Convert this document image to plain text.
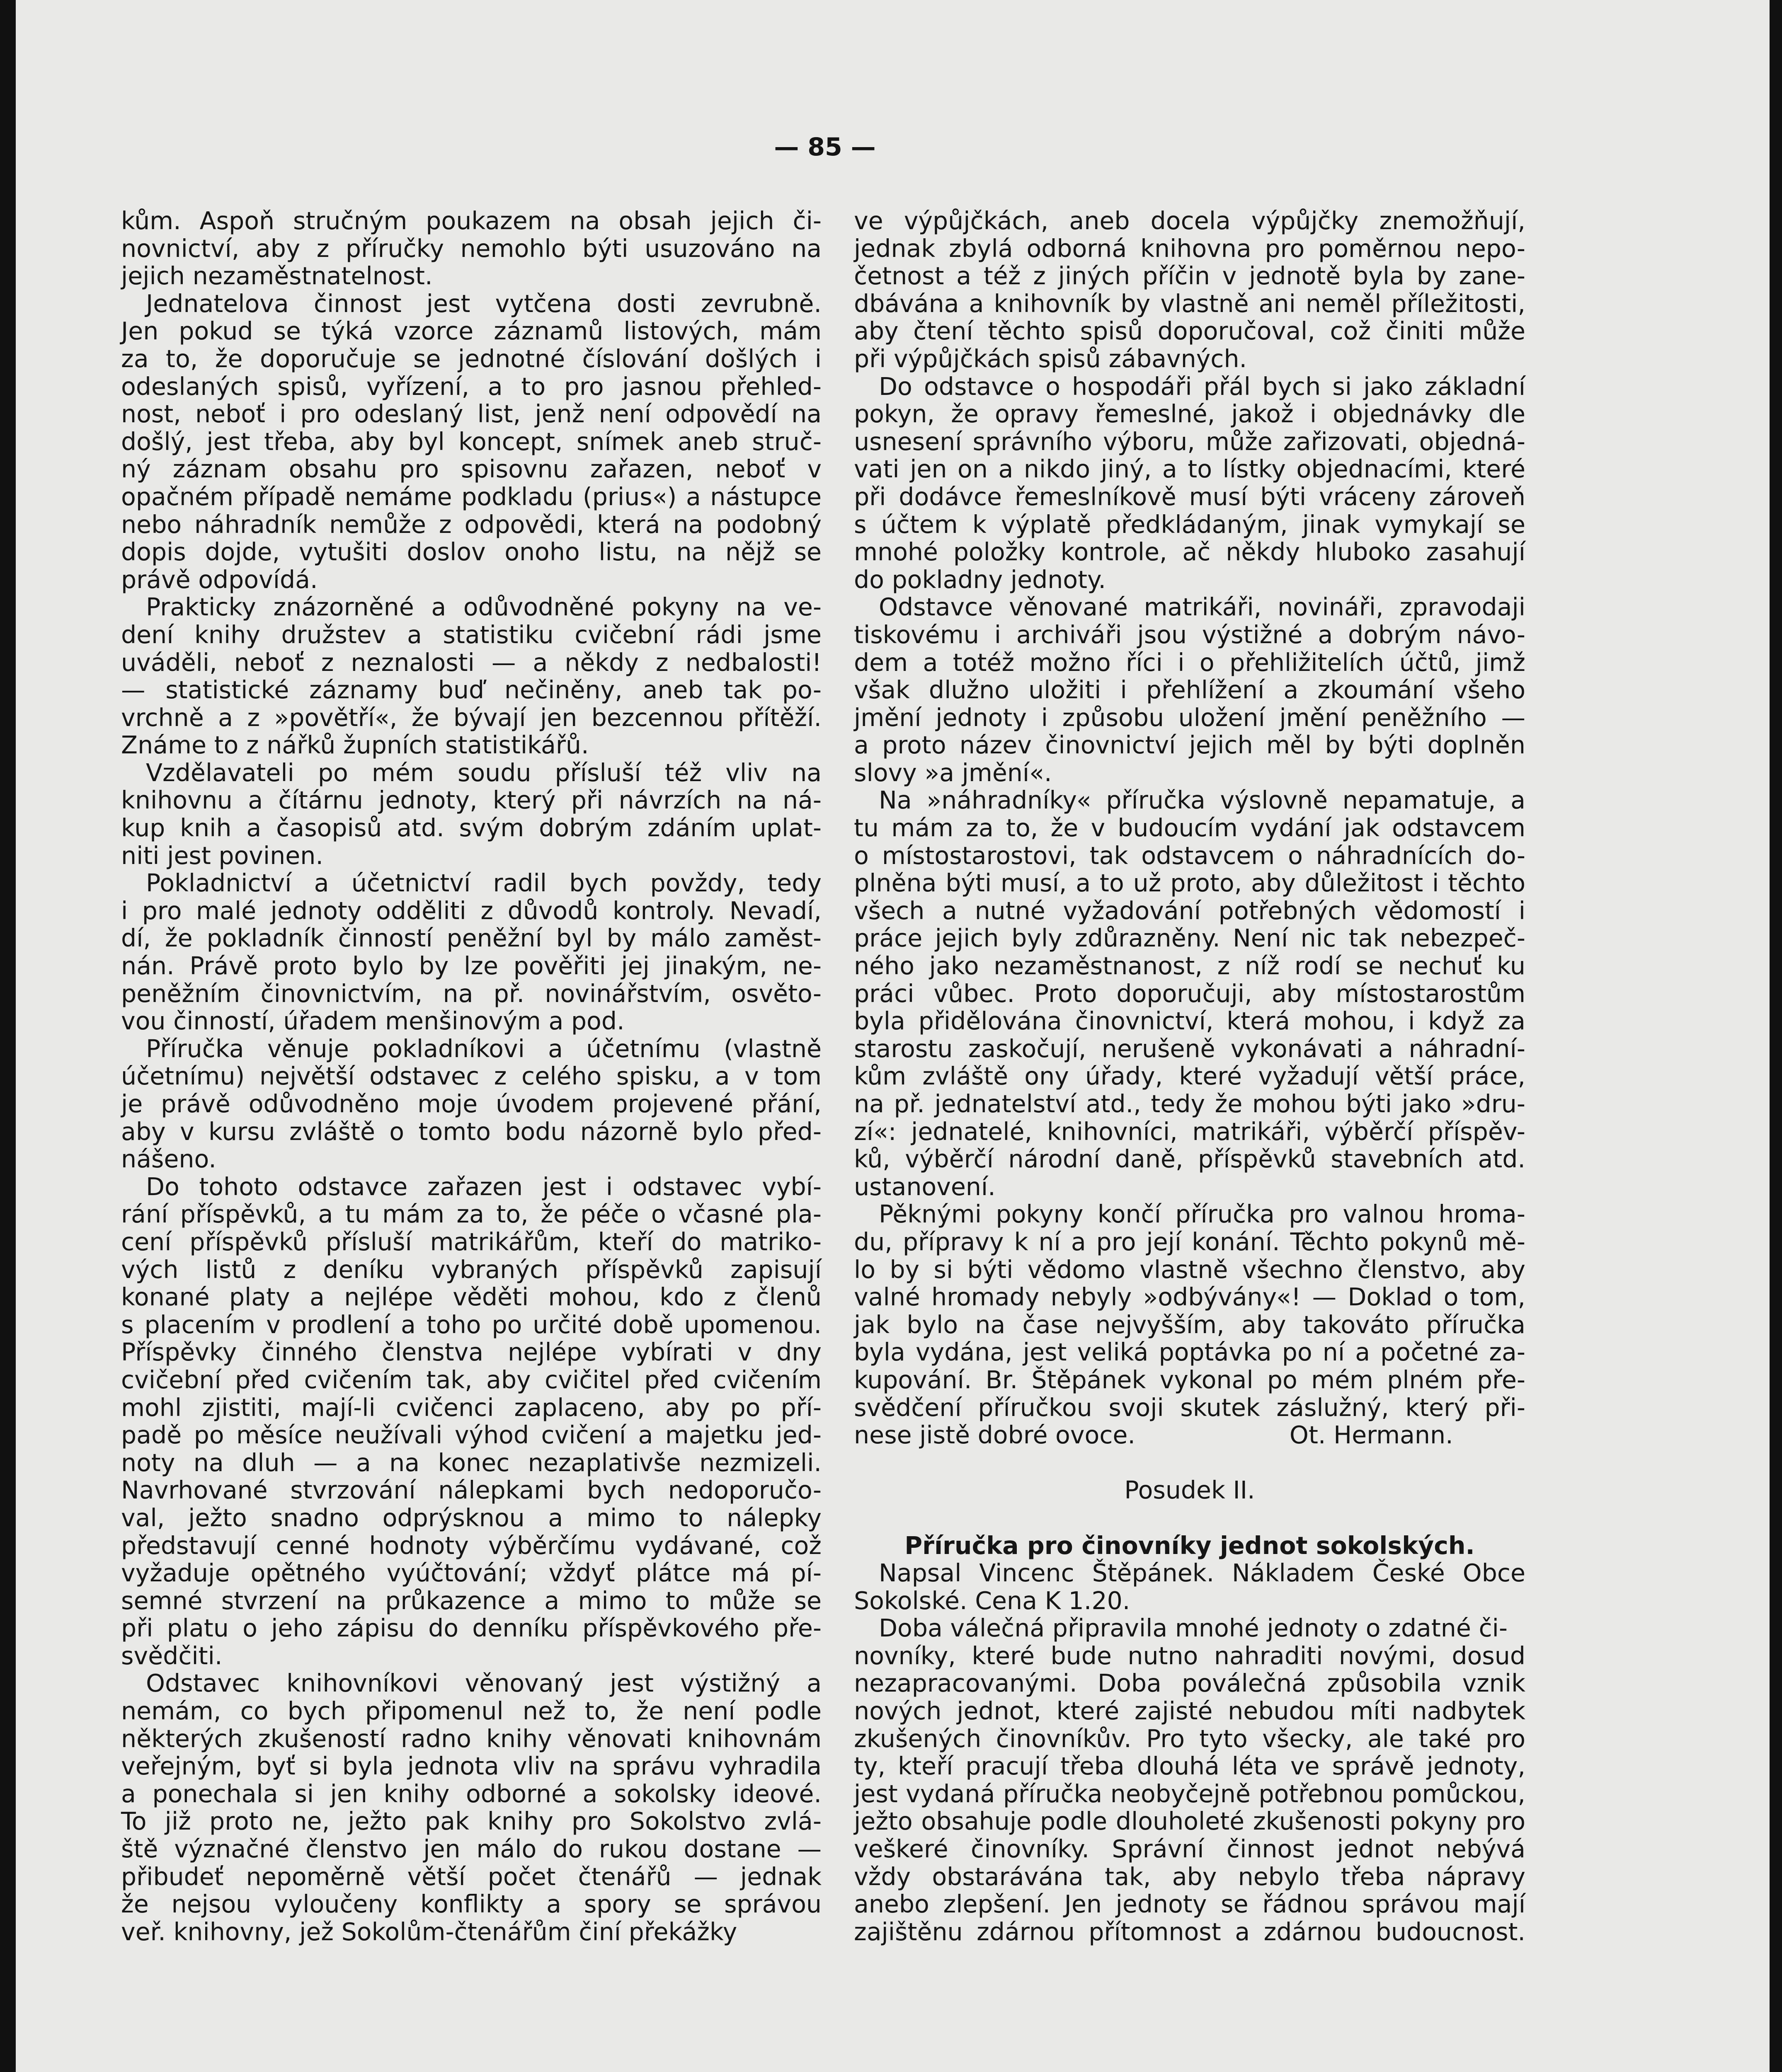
— 85 —
kům. Aspoň stručným poukazem na obsah jejich či-
novnictví, aby z příručky nemohlo býti usuzováno na
jejich nezaměstnatelnost.
Jednatelova činnost jest vytčena dosti zevrubně.
Jen pokud se týká vzorce záznamů listových, mám
za to, že doporučuje se jednotné číslování došlých i
odeslaných spisů, vyřízení, a to pro jasnou přehled-
nost, neboť i pro odeslaný list, jenž není odpovědí na
došlý, jest třeba, aby byl koncept, snímek aneb struč-
ný záznam obsahu pro spisovnu zařazen, neboť v
opačném případě nemáme podkladu (prius«) a nástupce
nebo náhradník nemůže z odpovědi, která na podobný
dopis dojde, vytušiti doslov onoho listu, na nějž se
právě odpovídá.
Prakticky znázorněné a odůvodněné pokyny na ve-
dení knihy družstev a statistiku cvičební rádi jsme
uváděli, neboť z neznalosti — a někdy z nedbalosti!
— statistické záznamy buď nečiněny, aneb tak po-
vrchně a z »povětří«, že bývají jen bezcennou přítěží.
Známe to z nářků župních statistikářů.
Vzdělavateli po mém soudu přísluší též vliv na
knihovnu a čítárnu jednoty, který při návrzích na ná-
kup knih a časopisů atd. svým dobrým zdáním uplat-
niti jest povinen.
Pokladnictví a účetnictví radil bych povždy, tedy
i pro malé jednoty odděliti z důvodů kontroly. Nevadí,
dí, že pokladník činností peněžní byl by málo zaměst-
nán. Právě proto bylo by lze pověřiti jej jinakým, ne-
peněžním činovnictvím, na př. novinářstvím, osvěto-
vou činností, úřadem menšinovým a pod.
Příručka věnuje pokladníkovi a účetnímu (vlastně
účetnímu) největší odstavec z celého spisku, a v tom
je právě odůvodněno moje úvodem projevené přání,
aby v kursu zvláště o tomto bodu názorně bylo před-
nášeno.
Do tohoto odstavce zařazen jest i odstavec vybí-
rání příspěvků, a tu mám za to, že péče o včasné pla-
cení příspěvků přísluší matrikářům, kteří do matriko-
vých listů z deníku vybraných příspěvků zapisují
konané platy a nejlépe věděti mohou, kdo z členů
s placením v prodlení a toho po určité době upomenou.
Příspěvky činného členstva nejlépe vybírati v dny
cvičební před cvičením tak, aby cvičitel před cvičením
mohl zjistiti, mají-li cvičenci zaplaceno, aby po pří-
padě po měsíce neužívali výhod cvičení a majetku jed-
noty na dluh — a na konec nezaplativše nezmizeli.
Navrhované stvrzování nálepkami bych nedoporučo-
val, ježto snadno odprýsknou a mimo to nálepky
představují cenné hodnoty výběrčímu vydávané, což
vyžaduje opětného vyúčtování; vždyť plátce má pí-
semné stvrzení na průkazence a mimo to může se
při platu o jeho zápisu do denníku příspěvkového pře-
svědčiti.
Odstavec knihovníkovi věnovaný jest výstižný a
nemám, co bych připomenul než to, že není podle
některých zkušeností radno knihy věnovati knihovnám
veřejným, byť si byla jednota vliv na správu vyhradila
a ponechala si jen knihy odborné a sokolsky ideové.
To již proto ne, ježto pak knihy pro Sokolstvo zvlá-
ště význačné členstvo jen málo do rukou dostane —
přibudeť nepoměrně větší počet čtenářů — jednak
že nejsou vyloučeny konflikty a spory se správou
veř. knihovny, jež Sokolům-čtenářům činí překážky
ve výpůjčkách, aneb docela výpůjčky znemožňují,
jednak zbylá odborná knihovna pro poměrnou nepo-
četnost a též z jiných příčin v jednotě byla by zane-
dbávána a knihovník by vlastně ani neměl příležitosti,
aby čtení těchto spisů doporučoval, což činiti může
při výpůjčkách spisů zábavných.
Do odstavce o hospodáři přál bych si jako základní
pokyn, že opravy řemeslné, jakož i objednávky dle
usnesení správního výboru, může zařizovati, objedná-
vati jen on a nikdo jiný, a to lístky objednacími, které
při dodávce řemeslníkově musí býti vráceny zároveň
s účtem k výplatě předkládaným, jinak vymykají se
mnohé položky kontrole, ač někdy hluboko zasahují
do pokladny jednoty.
Odstavce věnované matrikáři, novináři, zpravodaji
tiskovému i archiváři jsou výstižné a dobrým návo-
dem a totéž možno říci i o přehližitelích účtů, jimž
však dlužno uložiti i přehlížení a zkoumání všeho
jmění jednoty i způsobu uložení jmění peněžního —
a proto název činovnictví jejich měl by býti doplněn
slovy »a jmění«.
Na »náhradníky« příručka výslovně nepamatuje, a
tu mám za to, že v budoucím vydání jak odstavcem
o místostarostovi, tak odstavcem o náhradnících do-
plněna býti musí, a to už proto, aby důležitost i těchto
všech a nutné vyžadování potřebných vědomostí i
práce jejich byly zdůrazněny. Není nic tak nebezpeč-
ného jako nezaměstnanost, z níž rodí se nechuť ku
práci vůbec. Proto doporučuji, aby místostarostům
byla přidělována činovnictví, která mohou, i když za
starostu zaskočují, nerušeně vykonávati a náhradní-
kům zvláště ony úřady, které vyžadují větší práce,
na př. jednatelství atd., tedy že mohou býti jako »dru-
zí«: jednatelé, knihovníci, matrikáři, výběrčí příspěv-
ků, výběrčí národní daně, příspěvků stavebních atd.
ustanovení.
Pěknými pokyny končí příručka pro valnou hroma-
du, přípravy k ní a pro její konání. Těchto pokynů mě-
lo by si býti vědomo vlastně všechno členstvo, aby
valné hromady nebyly »odbývány«! — Doklad o tom,
jak bylo na čase nejvyšším, aby takováto příručka
byla vydána, jest veliká poptávka po ní a početné za-
kupování. Br. Štěpánek vykonal po mém plném pře-
svědčení příručkou svoji skutek záslužný, který při-
nese jistě dobré ovoce.                    Ot. Hermann.
Posudek II.
Příručka pro činovníky jednot sokolských.
Napsal Vincenc Štěpánek. Nákladem České Obce
Sokolské. Cena K 1.20.
Doba válečná připravila mnohé jednoty o zdatné či-
novníky, které bude nutno nahraditi novými, dosud
nezapracovanými. Doba poválečná způsobila vznik
nových jednot, které zajisté nebudou míti nadbytek
zkušených činovníkův. Pro tyto všecky, ale také pro
ty, kteří pracují třeba dlouhá léta ve správě jednoty,
jest vydaná příručka neobyčejně potřebnou pomůckou,
ježto obsahuje podle dlouholeté zkušenosti pokyny pro
veškeré činovníky. Správní činnost jednot nebývá
vždy obstarávána tak, aby nebylo třeba nápravy
anebo zlepšení. Jen jednoty se řádnou správou mají
zajištěnu zdárnou přítomnost a zdárnou budoucnost.
